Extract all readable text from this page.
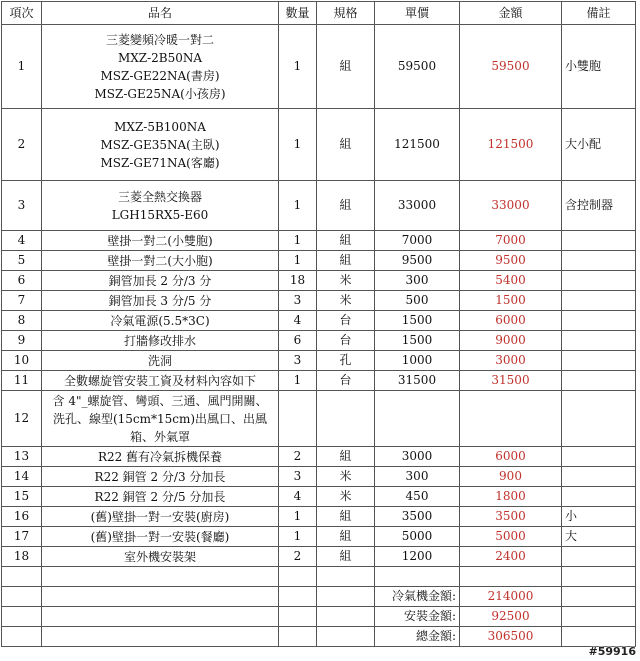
項次	品名	數量	規格	單價	金額	備註
1	三菱變頻冷暖一對二
MXZ-2B50NA
MSZ-GE22NA(書房)
MSZ-GE25NA(小孩房)	1	組	59500	59500	小雙胞
2	MXZ-5B100NA
MSZ-GE35NA(主臥)
MSZ-GE71NA(客廳)	1	組	121500	121500	大小配
3	三菱全熱交換器
LGH15RX5-E60	1	組	33000	33000	含控制器
4	壁掛一對二(小雙胞)	1	組	7000	7000	
5	壁掛一對二(大小胞)	1	組	9500	9500	
6	銅管加長 2 分/3 分	18	米	300	5400	
7	銅管加長 3 分/5 分	3	米	500	1500	
8	冷氣電源(5.5*3C)	4	台	1500	6000	
9	打牆修改排水	6	台	1500	9000	
10	洗洞	3	孔	1000	3000	
11	全數螺旋管安裝工資及材料內容如下	1	台	31500	31500	
12	含 4"_螺旋管、彎頭、三通、風門開關、
洗孔、線型(15cm*15cm)出風口、出風
箱、外氣罩					

13	R22 舊有冷氣拆機保養	2	組	3000	6000	
14	R22 銅管 2 分/3 分加長	3	米	300	900	
15	R22 銅管 2 分/5 分加長	4	米	450	1800	
16	(舊)壁掛一對一安裝(廚房)	1	組	3500	3500	小
17	(舊)壁掛一對一安裝(餐廳)	1	組	5000	5000	大
18	室外機安裝架	2	組	1200	2400	

				冷氣機金額:	214000	
				安裝金額:	92500	
				總金額:	306500	
#59916
